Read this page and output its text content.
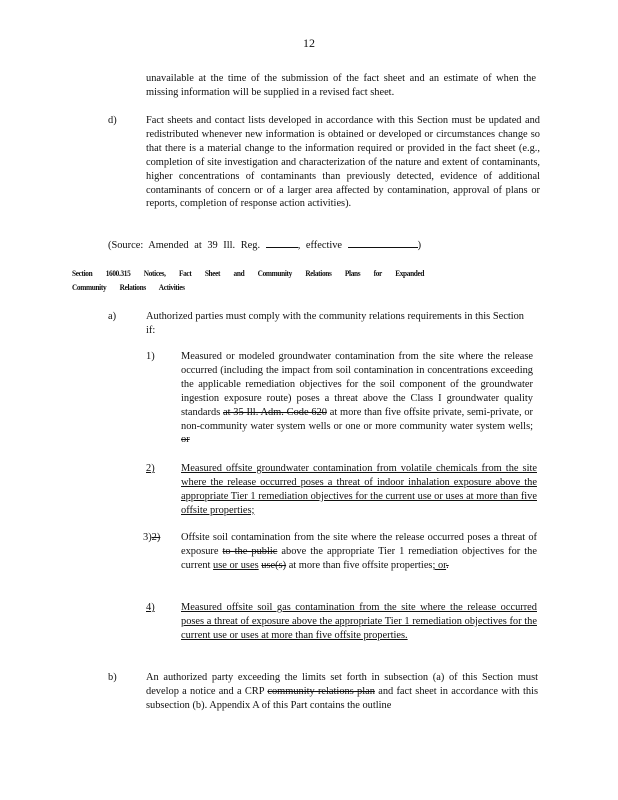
12
unavailable at the time of the submission of the fact sheet and an estimate of when the missing information will be supplied in a revised fact sheet.
d)	Fact sheets and contact lists developed in accordance with this Section must be updated and redistributed whenever new information is obtained or developed or circumstances change so that there is a material change to the information required or provided in the fact sheet (e.g., completion of site investigation and characterization of the nature and extent of contaminants, higher concentrations of contaminants than previously detected, evidence of additional contaminants of concern or of a larger area affected by contamination, approval of plans or reports, completion of response action activities).
(Source: Amended at 39 Ill. Reg.	, effective	)
Section 1600.315 Notices, Fact Sheet and Community Relations Plans for Expanded
Community Relations Activities
a)	Authorized parties must comply with the community relations requirements in this Section if:
1)	Measured or modeled groundwater contamination from the site where the release occurred (including the impact from soil contamination in concentrations exceeding the applicable remediation objectives for the soil component of the groundwater ingestion exposure route) poses a threat above the Class I groundwater quality standards at 35 Ill. Adm. Code 620 at more than five offsite private, semi-private, or non-community water system wells or one or more community water system wells; or
2)	Measured offsite groundwater contamination from volatile chemicals from the site where the release occurred poses a threat of indoor inhalation exposure above the appropriate Tier 1 remediation objectives for the current use or uses at more than five offsite properties;
3)2) Offsite soil contamination from the site where the release occurred poses a threat of exposure to the public above the appropriate Tier 1 remediation objectives for the current use or uses use(s) at more than five offsite properties; or.
4)	Measured offsite soil gas contamination from the site where the release occurred poses a threat of exposure above the appropriate Tier 1 remediation objectives for the current use or uses at more than five offsite properties.
b)	An authorized party exceeding the limits set forth in subsection (a) of this Section must develop a notice and a CRP community relations plan and fact sheet in accordance with this subsection (b). Appendix A of this Part contains the outline
